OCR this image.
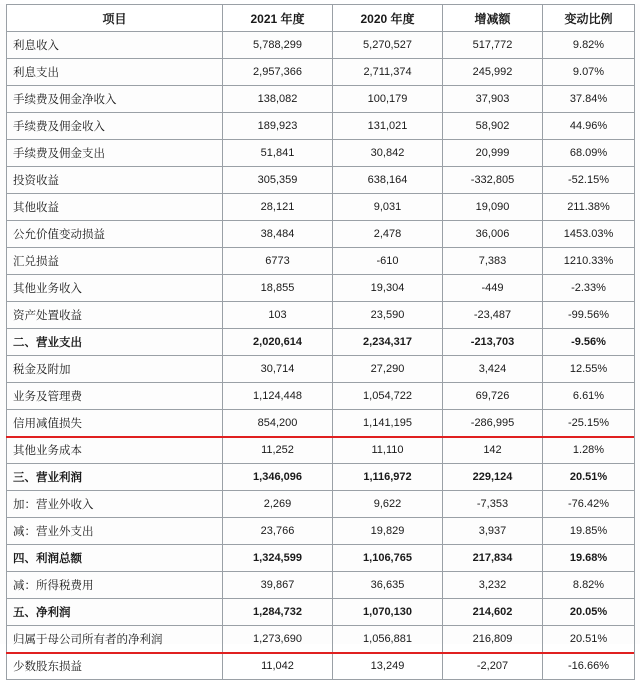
项目	2021 年度	2020 年度	增减额	变动比例
利息收入	5,788,299	5,270,527	517,772	9.82%
利息支出	2,957,366	2,711,374	245,992	9.07%
手续费及佣金净收入	138,082	100,179	37,903	37.84%
手续费及佣金收入	189,923	131,021	58,902	44.96%
手续费及佣金支出	51,841	30,842	20,999	68.09%
投资收益	305,359	638,164	-332,805	-52.15%
其他收益	28,121	9,031	19,090	211.38%
公允价值变动损益	38,484	2,478	36,006	1453.03%
汇兑损益	6773	-610	7,383	1210.33%
其他业务收入	18,855	19,304	-449	-2.33%
资产处置收益	103	23,590	-23,487	-99.56%
二、营业支出	2,020,614	2,234,317	-213,703	-9.56%
税金及附加	30,714	27,290	3,424	12.55%
业务及管理费	1,124,448	1,054,722	69,726	6.61%
信用减值损失	854,200	1,141,195	-286,995	-25.15%
其他业务成本	11,252	11,110	142	1.28%
三、营业利润	1,346,096	1,116,972	229,124	20.51%
加：营业外收入	2,269	9,622	-7,353	-76.42%
减：营业外支出	23,766	19,829	3,937	19.85%
四、利润总额	1,324,599	1,106,765	217,834	19.68%
减：所得税费用	39,867	36,635	3,232	8.82%
五、净利润	1,284,732	1,070,130	214,602	20.05%
归属于母公司所有者的净利润	1,273,690	1,056,881	216,809	20.51%
少数股东损益	11,042	13,249	-2,207	-16.66%
